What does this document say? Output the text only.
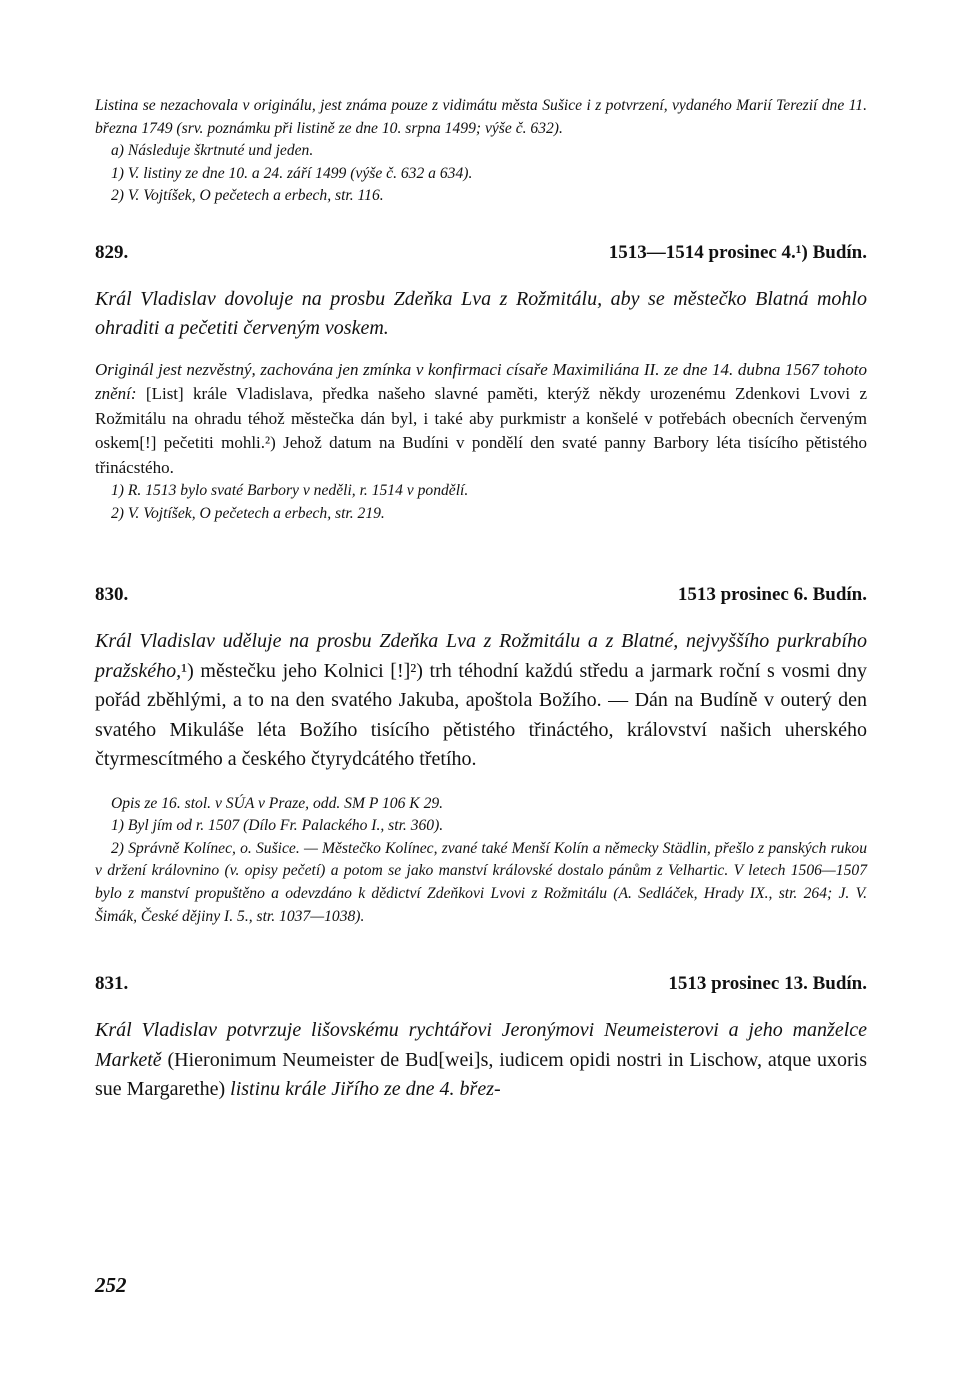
Listina se nezachovala v originálu, jest známa pouze z vidimátu města Sušice i z potvrzení, vydaného Marií Terezií dne 11. března 1749 (srv. poznámku při listině ze dne 10. srpna 1499; výše č. 632).

a) Následuje škrtnuté und jeden.

1) V. listiny ze dne 10. a 24. září 1499 (výše č. 632 a 634).

2) V. Vojtíšek, O pečetech a erbech, str. 116.

829.	1513—1514 prosinec 4.¹) Budín.

Král Vladislav dovoluje na prosbu Zdeňka Lva z Rožmitálu, aby se městečko Blatná mohlo ohraditi a pečetiti červeným voskem.

Originál jest nezvěstný, zachována jen zmínka v konfirmaci císaře Maximiliána II. ze dne 14. dubna 1567 tohoto znění: [List] krále Vladislava, předka našeho slavné paměti, kterýž někdy urozenému Zdenkovi Lvovi z Rožmitálu na ohradu téhož městečka dán byl, i také aby purkmistr a konšelé v potřebách obecních červeným oskem[!] pečetiti mohli.²) Jehož datum na Budíni v pondělí den svaté panny Barbory léta tisícího pětistého třinácstého.

1) R. 1513 bylo svaté Barbory v neděli, r. 1514 v pondělí.

2) V. Vojtíšek, O pečetech a erbech, str. 219.

830.	1513 prosinec 6. Budín.

Král Vladislav uděluje na prosbu Zdeňka Lva z Rožmitálu a z Blatné, nejvyššího purkrabího pražského,¹) městečku jeho Kolnici [!]²) trh téhodní každú středu a jarmark roční s vosmi dny pořád zběhlými, a to na den svatého Jakuba, apoštola Božího. — Dán na Budíně v outerý den svatého Mikuláše léta Božího tisícího pětistého třináctého, království našich uherského čtyrmescítmého a českého čtyrydcátého třetího.

Opis ze 16. stol. v SÚA v Praze, odd. SM P 106 K 29.

1) Byl jím od r. 1507 (Dílo Fr. Palackého I., str. 360).

2) Správně Kolínec, o. Sušice. — Městečko Kolínec, zvané také Menší Kolín a německy Städlin, přešlo z panských rukou v držení královnino (v. opisy pečetí) a potom se jako manství královské dostalo pánům z Velhartic. V letech 1506—1507 bylo z manství propuštěno a odevzdáno k dědictví Zdeňkovi Lvovi z Rožmitálu (A. Sedláček, Hrady IX., str. 264; J. V. Šimák, České dějiny I. 5., str. 1037—1038).

831.	1513 prosinec 13. Budín.

Král Vladislav potvrzuje lišovskému rychtářovi Jeronýmovi Neumeisterovi a jeho manželce Marketě (Hieronimum Neumeister de Bud[wei]s, iudicem opidi nostri in Lischow, atque uxoris sue Margarethe) listinu krále Jiřího ze dne 4. břez-

252
